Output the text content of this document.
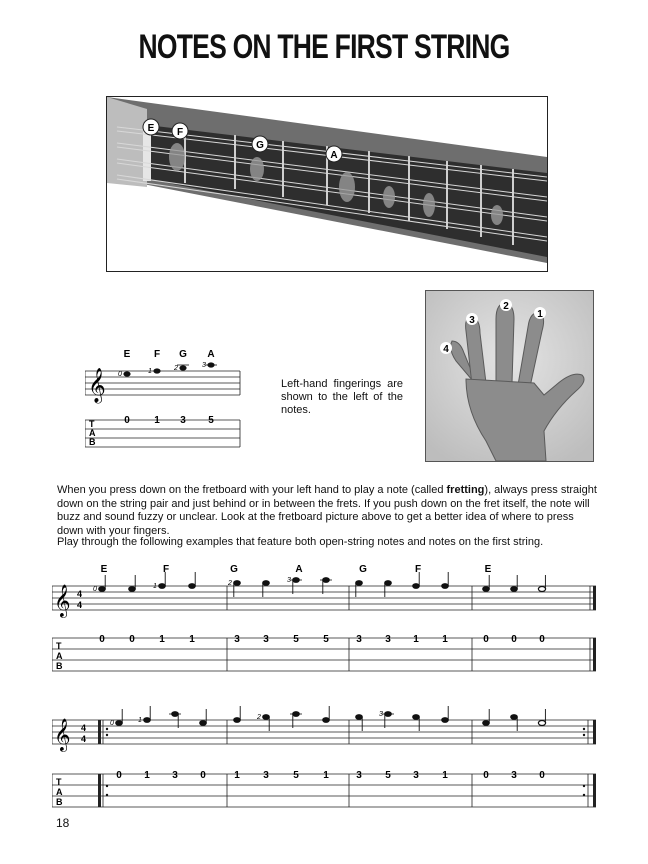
NOTES ON THE FIRST STRING
E F
G
A
4
3
2
1
E F G A
𝄞 0	1	2	3
T
A
B
0 1 3 5
Left-hand fingerings are shown to the left of the notes.
When you press down on the fretboard with your left hand to play a note (called fretting), always press straight down on the string pair and just behind or in between the frets. If you push down on the fret itself, the note will buzz and sound fuzzy or unclear. Look at the fretboard picture above to get a better idea of where to press down with your fingers.
Play through the following examples that feature both open-string notes and notes on the first string.
E	F	G	A	G	F	E
𝄞 4
4
0	1	2	3
T
A
B
0 0 1 1	3 3 5 5	3 3 1 1	0 0 0
𝄞 4
4
0	1	2	3
T
A
B
0 1 3 0	1 3 5 1	3 5 3 1	0 3 0
18
